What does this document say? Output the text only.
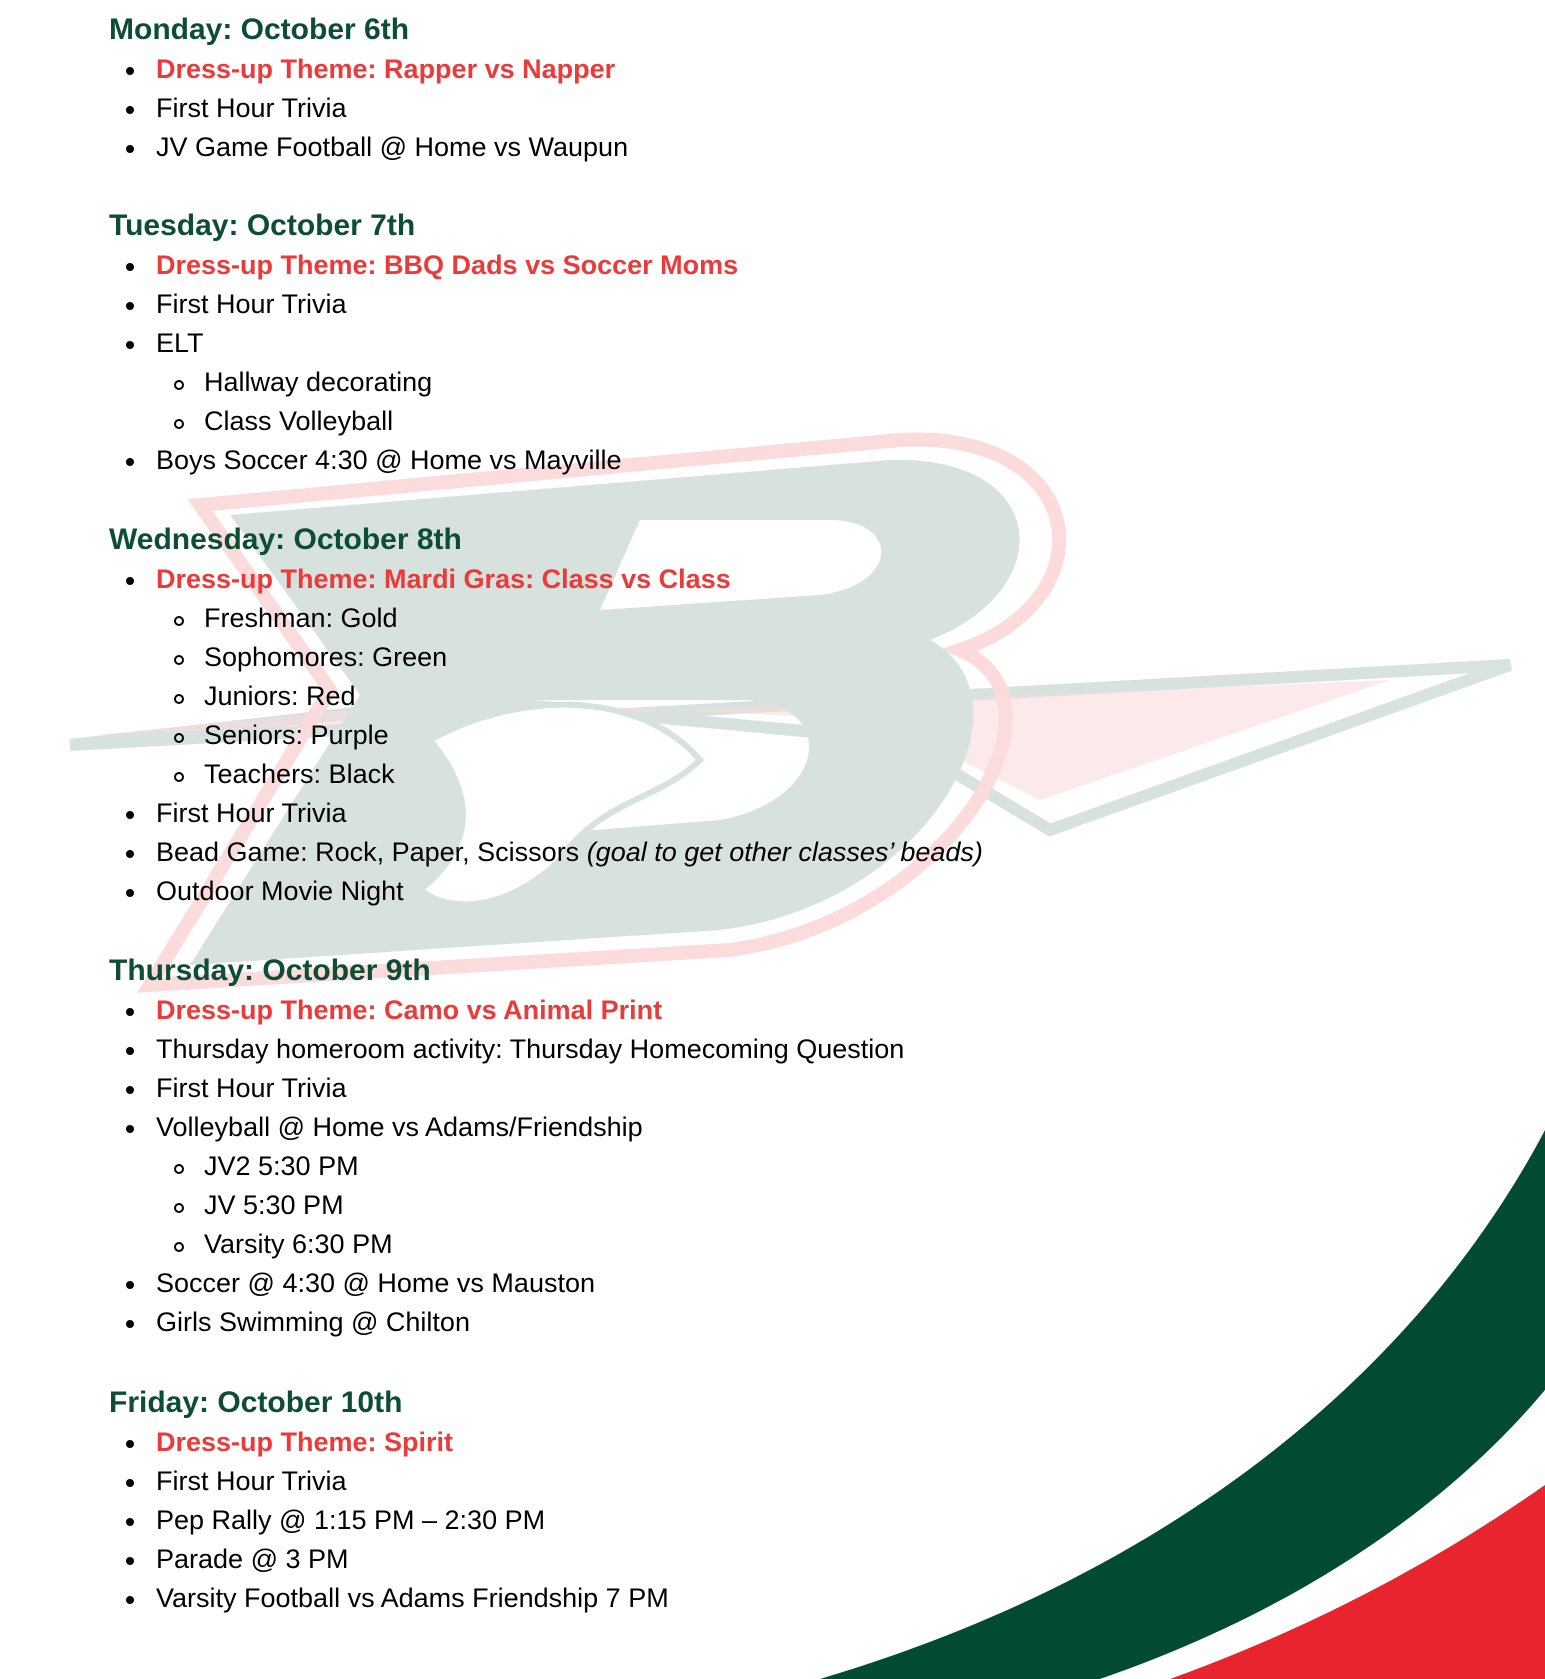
Monday: October 6th
Dress-up Theme: Rapper vs Napper
First Hour Trivia
JV Game Football @ Home vs Waupun
Tuesday: October 7th
Dress-up Theme: BBQ Dads vs Soccer Moms
First Hour Trivia
ELT
Hallway decorating
Class Volleyball
Boys Soccer 4:30 @ Home vs Mayville
Wednesday: October 8th
Dress-up Theme: Mardi Gras: Class vs Class
Freshman: Gold
Sophomores: Green
Juniors: Red
Seniors: Purple
Teachers: Black
First Hour Trivia
Bead Game: Rock, Paper, Scissors (goal to get other classes’ beads)
Outdoor Movie Night
Thursday: October 9th
Dress-up Theme: Camo vs Animal Print
Thursday homeroom activity: Thursday Homecoming Question
First Hour Trivia
Volleyball @ Home vs Adams/Friendship
JV2 5:30 PM
JV 5:30 PM
Varsity 6:30 PM
Soccer @ 4:30 @ Home vs Mauston
Girls Swimming @ Chilton
Friday: October 10th
Dress-up Theme: Spirit
First Hour Trivia
Pep Rally @ 1:15 PM – 2:30 PM
Parade @ 3 PM
Varsity Football vs Adams Friendship 7 PM
